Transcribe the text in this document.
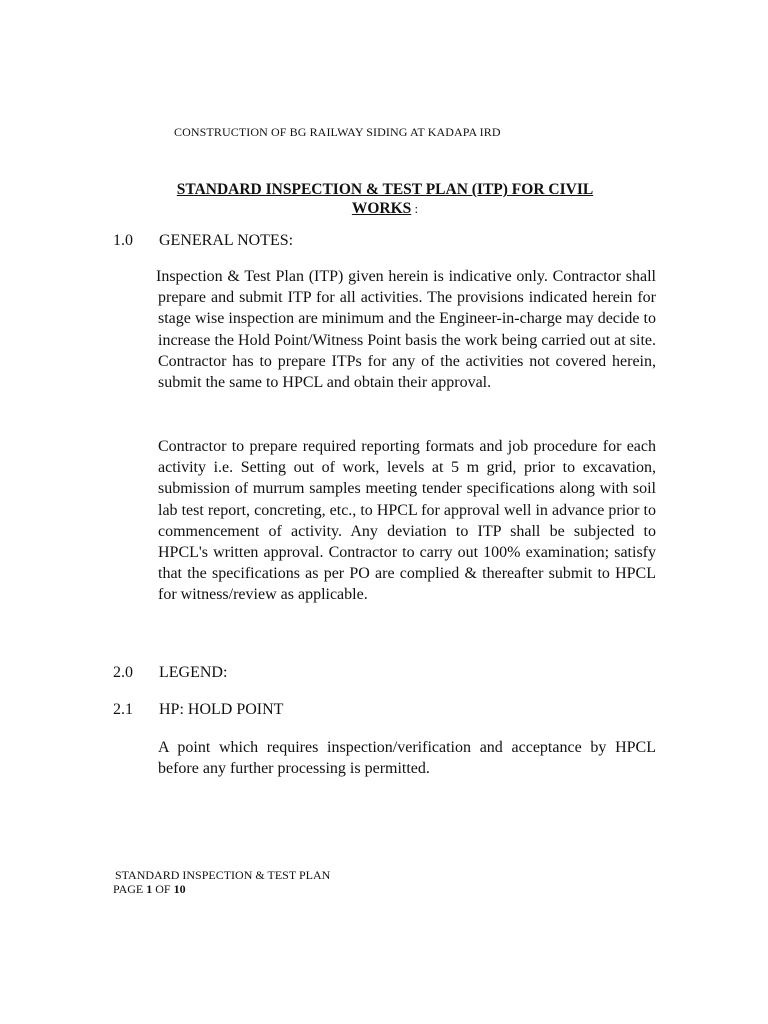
CONSTRUCTION OF BG RAILWAY SIDING AT KADAPA IRD
STANDARD INSPECTION & TEST PLAN (ITP) FOR CIVIL
WORKS :
1.0	GENERAL NOTES:

Inspection & Test Plan (ITP) given herein is indicative only. Contractor shall prepare and submit ITP for all activities. The provisions indicated herein for stage wise inspection are minimum and the Engineer-in-charge may decide to increase the Hold Point/Witness Point basis the work being carried out at site. Contractor has to prepare ITPs for any of the activities not covered herein, submit the same to HPCL and obtain their approval.

Contractor to prepare required reporting formats and job procedure for each activity i.e. Setting out of work, levels at 5 m grid, prior to excavation, submission of murrum samples meeting tender specifications along with soil lab test report, concreting, etc., to HPCL for approval well in advance prior to commencement of activity. Any deviation to ITP shall be subjected to HPCL's written approval. Contractor to carry out 100% examination; satisfy that the specifications as per PO are complied & thereafter submit to HPCL for witness/review as applicable.

2.0	LEGEND:
2.1	HP: HOLD POINT

A point which requires inspection/verification and acceptance by HPCL before any further processing is permitted.

STANDARD INSPECTION & TEST PLAN
PAGE 1 OF 10
